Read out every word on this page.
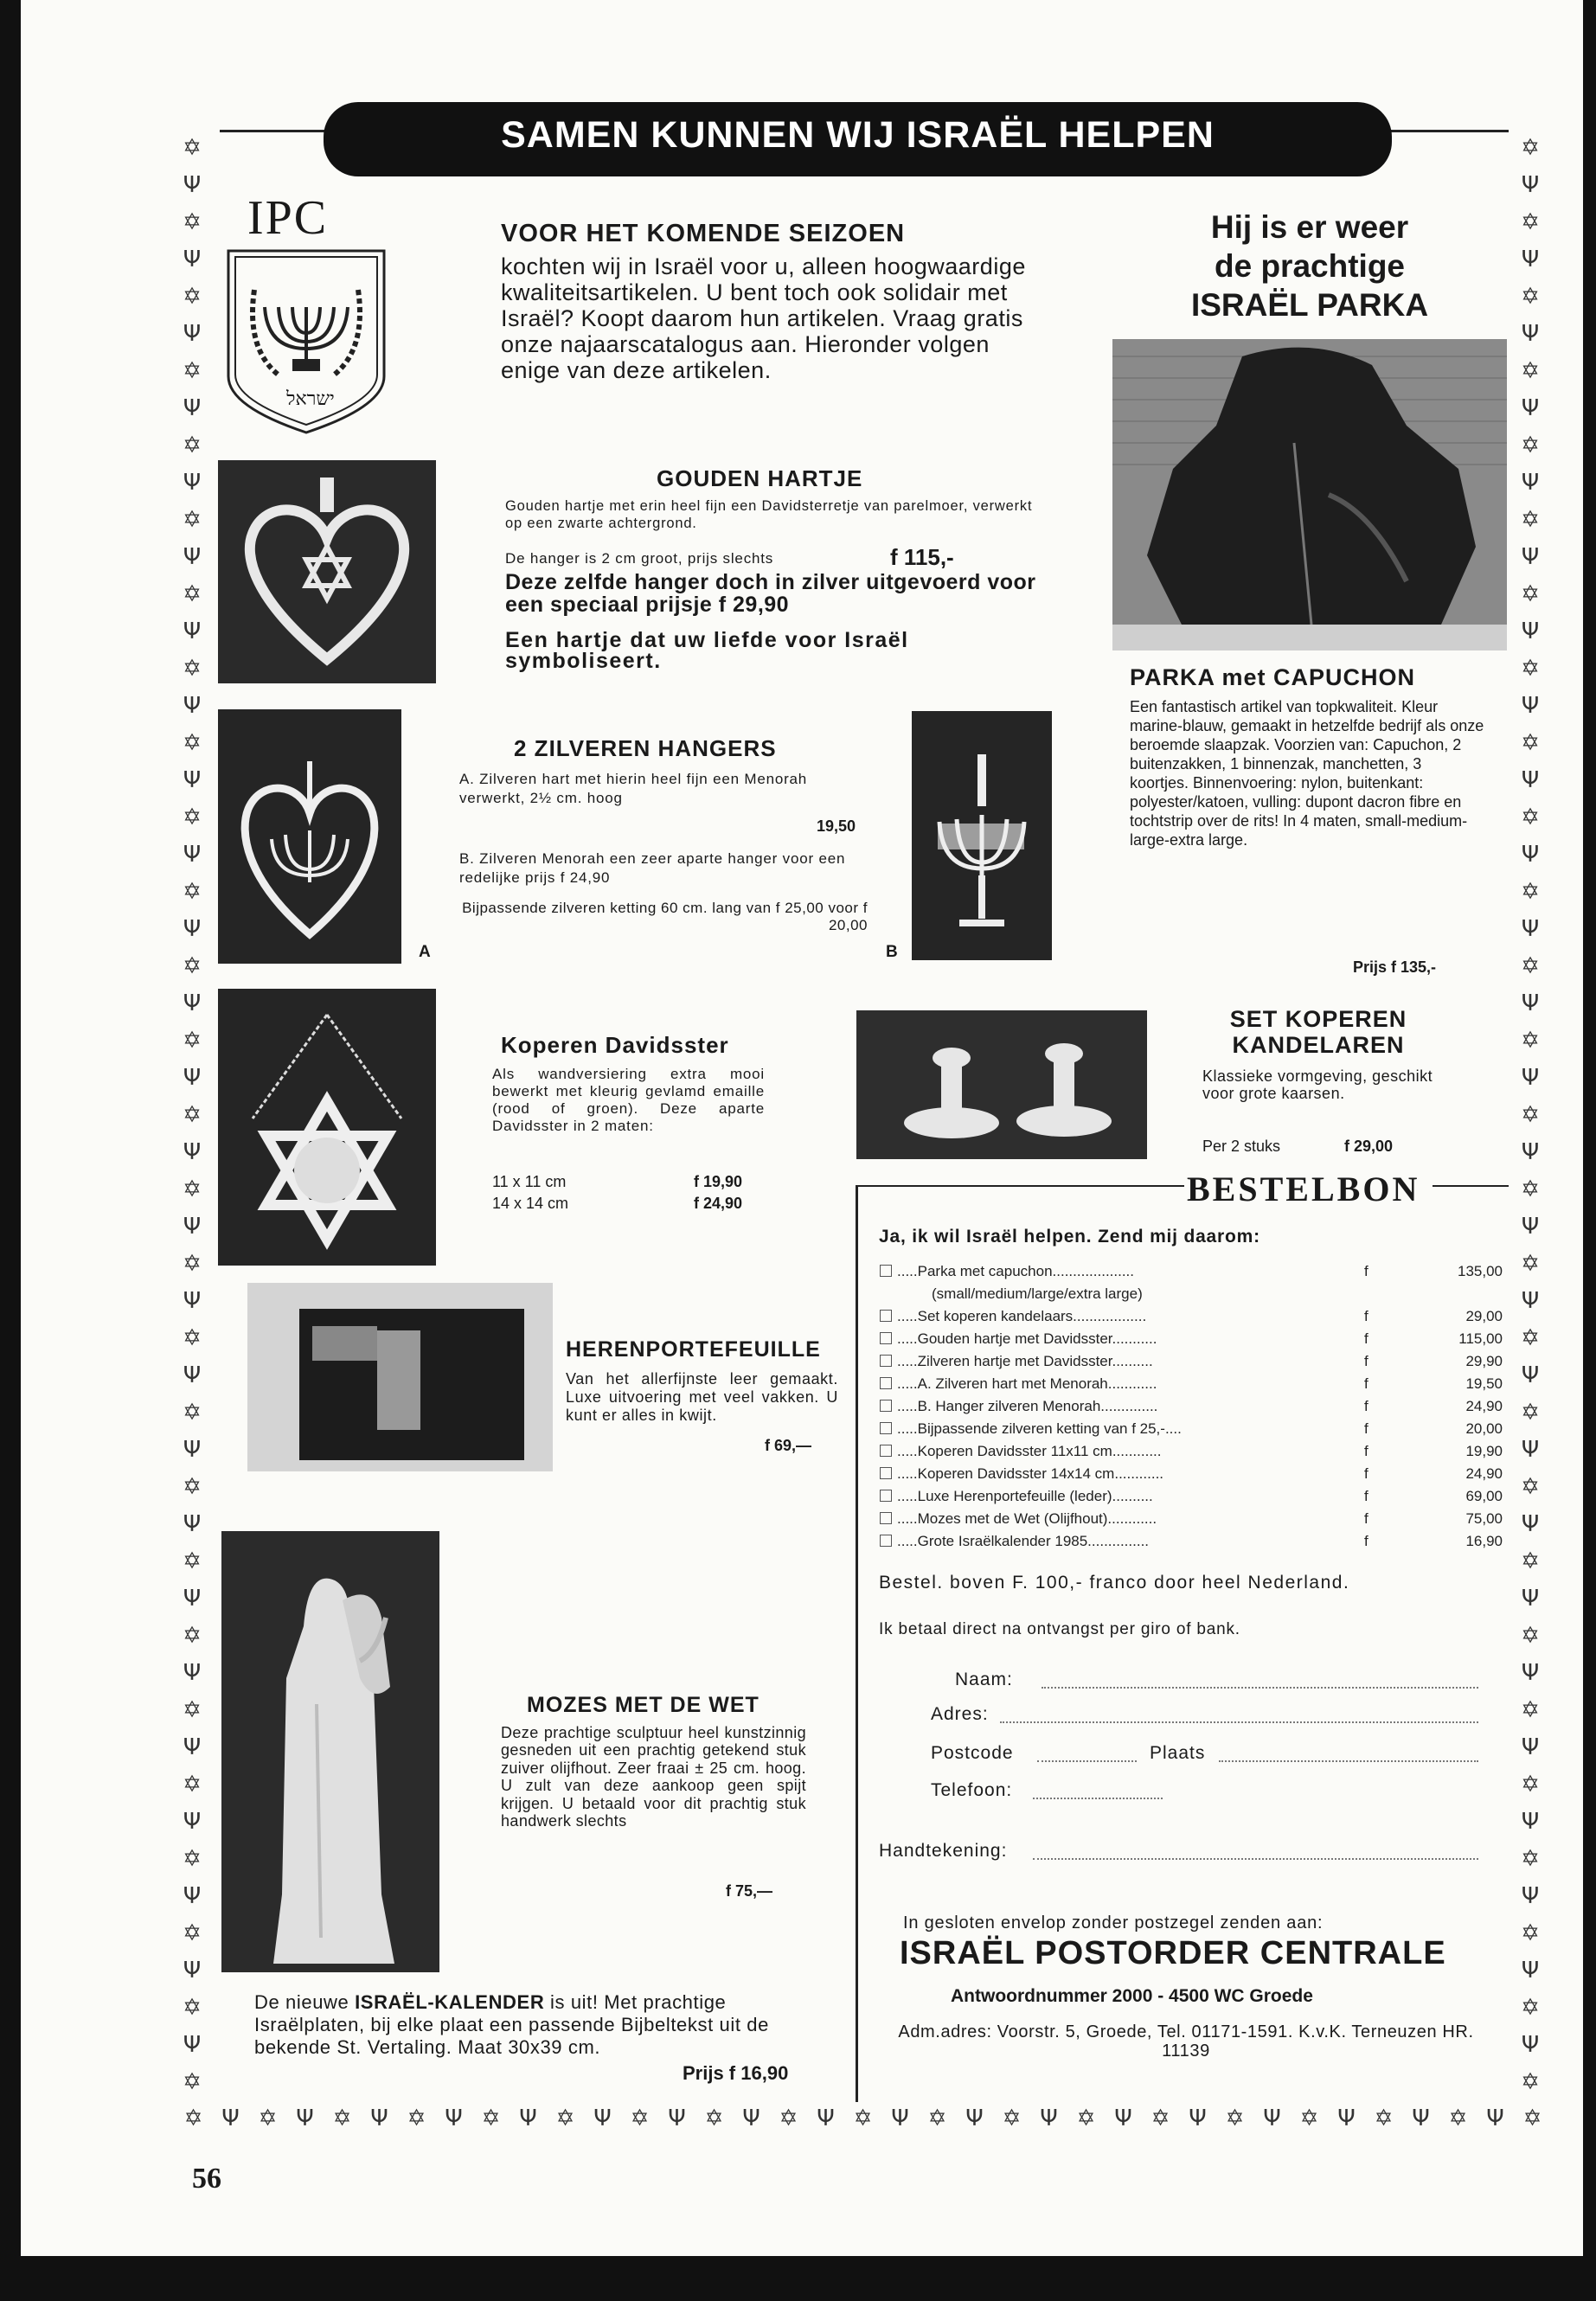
SAMEN KUNNEN WIJ ISRAËL HELPEN
✡
Ψ
✡
Ψ
✡
Ψ
✡
Ψ
✡
Ψ
✡
Ψ
✡
Ψ
✡
Ψ
✡
Ψ
✡
Ψ
✡
Ψ
✡
Ψ
✡
Ψ
✡
Ψ
✡
Ψ
✡
Ψ
✡
Ψ
✡
Ψ
✡
Ψ
✡
Ψ
✡
Ψ
✡
Ψ
✡
Ψ
✡
Ψ
✡
Ψ
✡
Ψ
✡
✡
Ψ
✡
Ψ
✡
Ψ
✡
Ψ
✡
Ψ
✡
Ψ
✡
Ψ
✡
Ψ
✡
Ψ
✡
Ψ
✡
Ψ
✡
Ψ
✡
Ψ
✡
Ψ
✡
Ψ
✡
Ψ
✡
Ψ
✡
Ψ
✡
Ψ
✡
Ψ
✡
Ψ
✡
Ψ
✡
Ψ
✡
Ψ
✡
Ψ
✡
Ψ
✡
✡ Ψ ✡ Ψ ✡ Ψ ✡ Ψ ✡ Ψ ✡ Ψ ✡ Ψ ✡ Ψ ✡ Ψ ✡ Ψ ✡ Ψ ✡ Ψ ✡ Ψ ✡ Ψ ✡ Ψ ✡ Ψ ✡ Ψ ✡ Ψ ✡
IPC
ישראל
VOOR HET KOMENDE SEIZOEN
kochten wij in Israël voor u, alleen hoogwaardige kwaliteitsartikelen. U bent toch ook solidair met Israël? Koopt daarom hun artikelen. Vraag gratis onze najaarscatalogus aan. Hieronder volgen enige van deze artikelen.
Hij is er weer
de prachtige
ISRAËL PARKA
PARKA met CAPUCHON
Een fantastisch artikel van topkwaliteit. Kleur marine-blauw, gemaakt in hetzelfde bedrijf als onze beroemde slaapzak. Voorzien van: Capuchon, 2 buitenzakken, 1 binnenzak, manchetten, 3 koortjes. Binnenvoering: nylon, buitenkant: polyester/katoen, vulling: dupont dacron fibre en tochtstrip over de rits! In 4 maten, small-medium-large-extra large.
Prijs f 135,-
GOUDEN HARTJE
Gouden hartje met erin heel fijn een Davidsterretje van parelmoer, verwerkt op een zwarte achtergrond.
De hanger is 2 cm groot, prijs slechts	f 115,-
Deze zelfde hanger doch in zilver uitgevoerd voor een speciaal prijsje f 29,90
Een hartje dat uw liefde voor Israël symboliseert.
A
2 ZILVEREN HANGERS
A. Zilveren hart met hierin heel fijn een Menorah verwerkt, 2½ cm. hoog
19,50
B. Zilveren Menorah een zeer aparte hanger voor een redelijke prijs f 24,90
Bijpassende zilveren ketting 60 cm. lang van f 25,00 voor f 20,00
B
Koperen Davidsster
Als wandversiering extra mooi bewerkt met kleurig gevlamd emaille (rood of groen). Deze aparte Davidsster in 2 maten:
11 x 11 cm	f 19,90
14 x 14 cm	f 24,90
SET KOPEREN
KANDELAREN
Klassieke vormgeving, geschikt voor grote kaarsen.
Per 2 stuks	f 29,00
HERENPORTEFEUILLE
Van het allerfijnste leer gemaakt. Luxe uitvoering met veel vakken. U kunt er alles in kwijt.
f 69,—
MOZES MET DE WET
Deze prachtige sculptuur heel kunstzinnig gesneden uit een prachtig getekend stuk zuiver olijfhout. Zeer fraai ± 25 cm. hoog. U zult van deze aankoop geen spijt krijgen. U betaald voor dit prachtig stuk handwerk slechts
f 75,—
De nieuwe ISRAËL-KALENDER is uit! Met prachtige Israëlplaten, bij elke plaat een passende Bijbeltekst uit de bekende St. Vertaling. Maat 30x39 cm.
Prijs f 16,90
BESTELBON
Ja, ik wil Israël helpen. Zend mij daarom:
.....Parka met capuchon....................	f	135,00
(small/medium/large/extra large)
.....Set koperen kandelaars..................	f	29,00
.....Gouden hartje met Davidsster...........	f	115,00
.....Zilveren hartje met Davidsster..........	f	29,90
.....A. Zilveren hart met Menorah............	f	19,50
.....B. Hanger zilveren Menorah..............	f	24,90
.....Bijpassende zilveren ketting van f 25,-....	f	20,00
.....Koperen Davidsster 11x11 cm............	f	19,90
.....Koperen Davidsster 14x14 cm............	f	24,90
.....Luxe Herenportefeuille (leder)..........	f	69,00
.....Mozes met de Wet (Olijfhout)............	f	75,00
.....Grote Israëlkalender 1985...............	f	16,90
Bestel. boven F. 100,- franco door heel Nederland.
Ik betaal direct na ontvangst per giro of bank.
Naam:
Adres:
Postcode	Plaats
Telefoon:
Handtekening:
In gesloten envelop zonder postzegel zenden aan:
ISRAËL POSTORDER CENTRALE
Antwoordnummer 2000 - 4500 WC Groede
Adm.adres: Voorstr. 5, Groede, Tel. 01171-1591. K.v.K. Terneuzen HR. 11139
56
